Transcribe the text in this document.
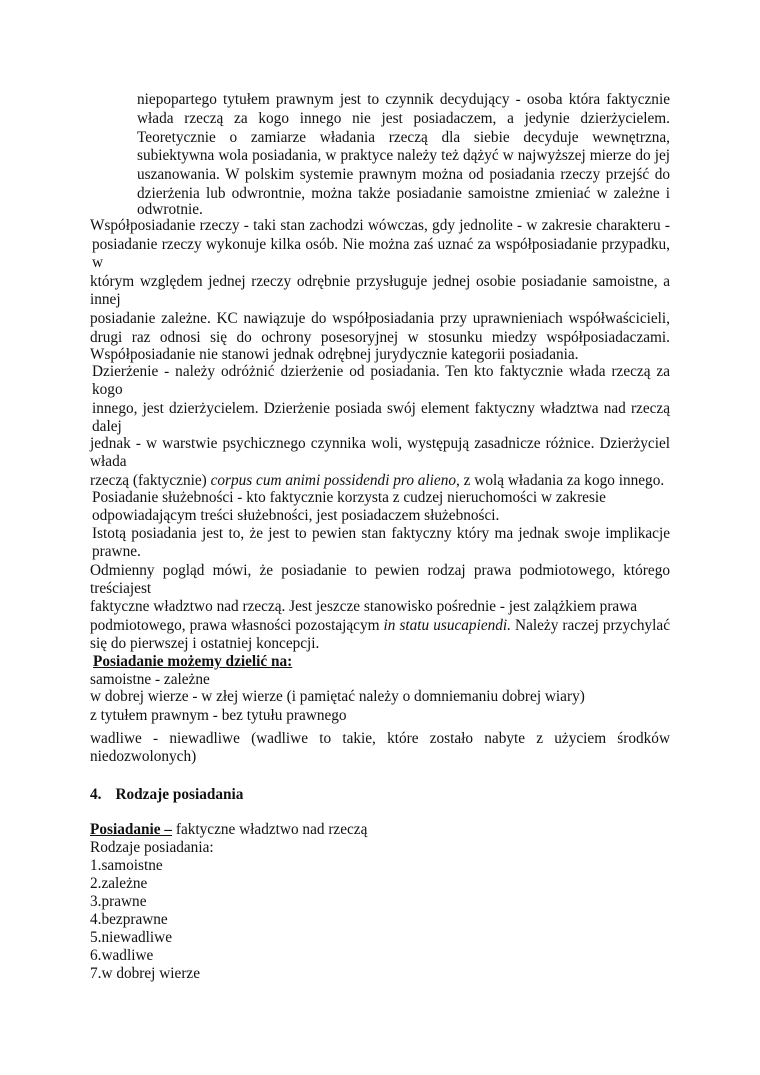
niepopartego tytułem prawnym jest to czynnik decydujący - osoba która faktycznie
włada rzeczą za kogo innego nie jest posiadaczem, a jedynie dzierżycielem.
Teoretycznie o zamiarze władania rzeczą dla siebie decyduje wewnętrzna,
subiektywna wola posiadania, w praktyce należy też dążyć w najwyższej mierze do jej
uszanowania. W polskim systemie prawnym można od posiadania rzeczy przejść do
dzierżenia lub odwrontnie, można także posiadanie samoistne zmieniać w zależne i
odwrotnie.
Współposiadanie rzeczy - taki stan zachodzi wówczas, gdy jednolite - w zakresie charakteru -
posiadanie rzeczy wykonuje kilka osób. Nie można zaś uznać za współposiadanie przypadku,
w
którym względem jednej rzeczy odrębnie przysługuje jednej osobie posiadanie samoistne, a
innej
posiadanie zależne. KC nawiązuje do współposiadania przy uprawnieniach współwaścicieli,
drugi raz odnosi się do ochrony posesoryjnej w stosunku miedzy współposiadaczami.
Współposiadanie nie stanowi jednak odrębnej jurydycznie kategorii posiadania.
Dzierżenie - należy odróżnić dzierżenie od posiadania. Ten kto faktycznie włada rzeczą za
kogo
innego, jest dzierżycielem. Dzierżenie posiada swój element faktyczny władztwa nad rzeczą
dalej
jednak - w warstwie psychicznego czynnika woli, występują zasadnicze różnice. Dzierżyciel
włada
rzeczą (faktycznie) corpus cum animi possidendi pro alieno, z wolą władania za kogo innego.
Posiadanie służebności - kto faktycznie korzysta z cudzej nieruchomości w zakresie
odpowiadającym treści służebności, jest posiadaczem służebności.
Istotą posiadania jest to, że jest to pewien stan faktyczny który ma jednak swoje implikacje
prawne.
Odmienny pogląd mówi, że posiadanie to pewien rodzaj prawa podmiotowego, którego
treściajest
faktyczne władztwo nad rzeczą. Jest jeszcze stanowisko pośrednie - jest zalążkiem prawa
podmiotowego, prawa własności pozostającym in statu usucapiendi. Należy raczej przychylać
się do pierwszej i ostatniej koncepcji.
Posiadanie możemy dzielić na:
samoistne - zależne
w dobrej wierze - w złej wierze (i pamiętać należy o domniemaniu dobrej wiary)
z tytułem prawnym - bez tytułu prawnego
wadliwe - niewadliwe (wadliwe to takie, które zostało nabyte z użyciem środków
niedozwolonych)
4. Rodzaje posiadania
Posiadanie – faktyczne władztwo nad rzeczą
Rodzaje posiadania:
1.samoistne
2.zależne
3.prawne
4.bezprawne
5.niewadliwe
6.wadliwe
7.w dobrej wierze
